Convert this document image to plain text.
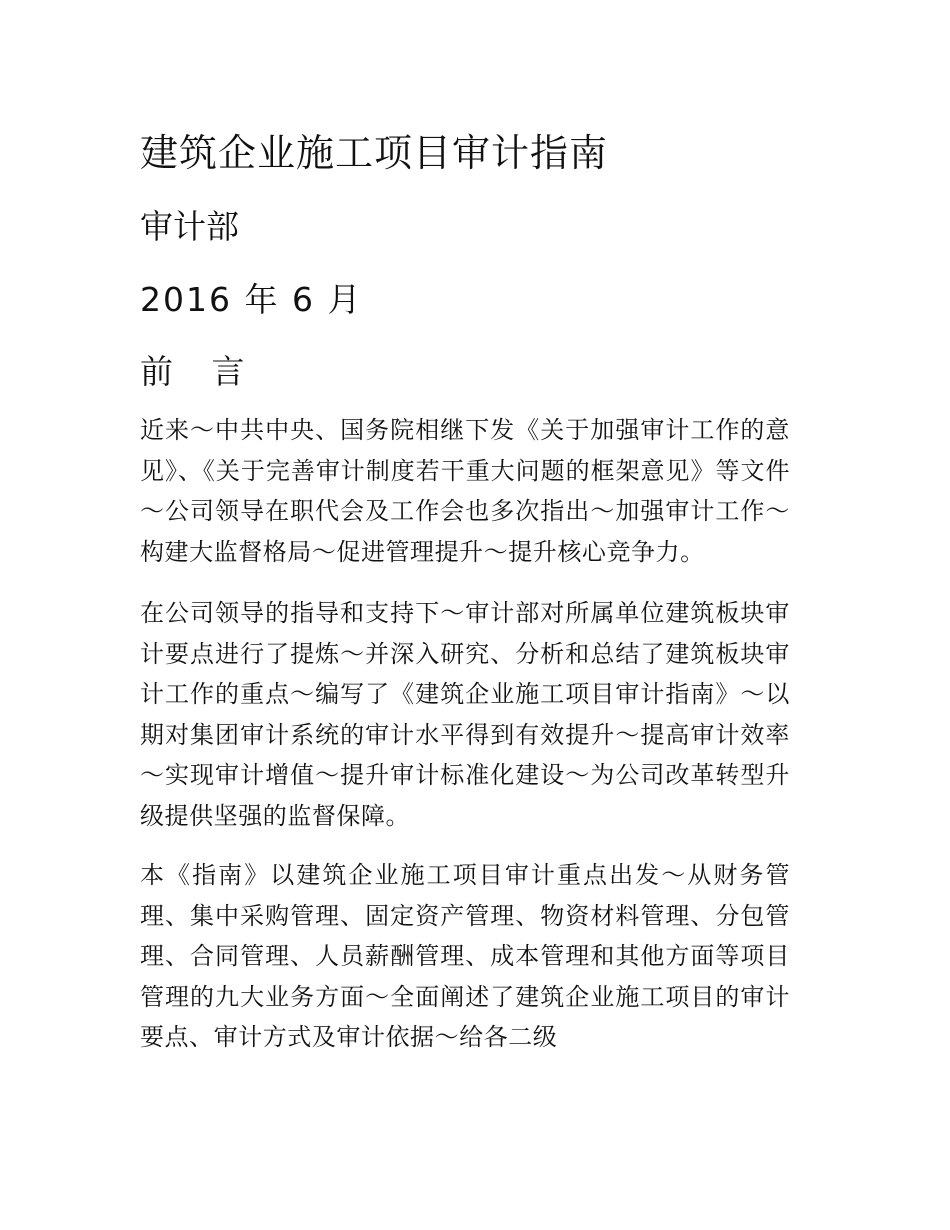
建筑企业施工项目审计指南
审计部
2016 年 6 月
前 言

近来～中共中央、国务院相继下发《关于加强审计工作的意见》、《关于完善审计制度若干重大问题的框架意见》等文件～公司领导在职代会及工作会也多次指出～加强审计工作～构建大监督格局～促进管理提升～提升核心竞争力。

在公司领导的指导和支持下～审计部对所属单位建筑板块审计要点进行了提炼～并深入研究、分析和总结了建筑板块审计工作的重点～编写了《建筑企业施工项目审计指南》～以期对集团审计系统的审计水平得到有效提升～提高审计效率～实现审计增值～提升审计标准化建设～为公司改革转型升级提供坚强的监督保障。

本《指南》以建筑企业施工项目审计重点出发～从财务管理、集中采购管理、固定资产管理、物资材料管理、分包管理、合同管理、人员薪酬管理、成本管理和其他方面等项目管理的九大业务方面～全面阐述了建筑企业施工项目的审计要点、审计方式及审计依据～给各二级
